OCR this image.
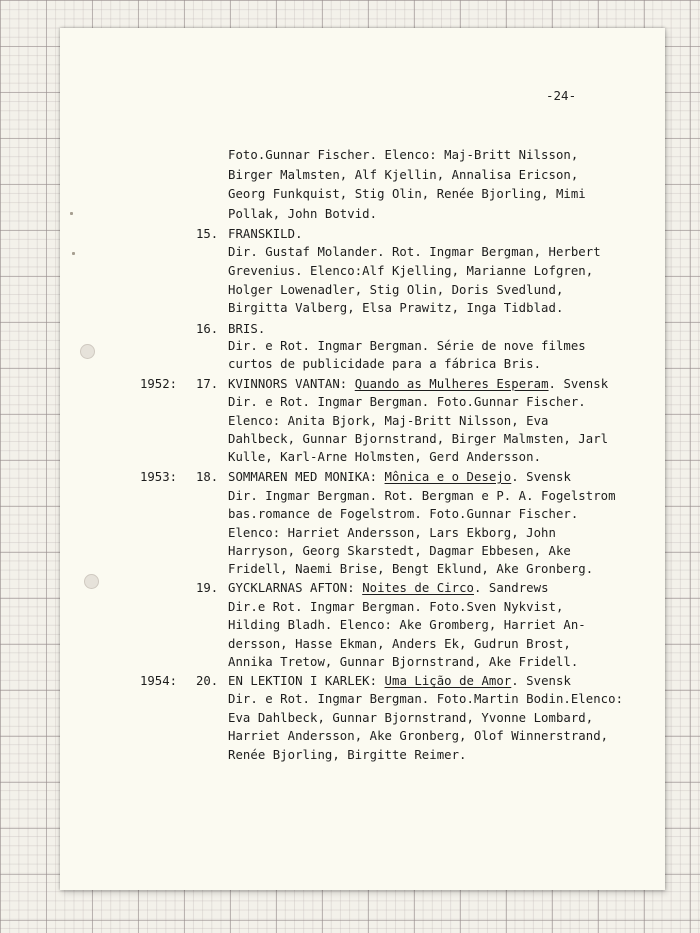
-24-
Foto.Gunnar Fischer. Elenco: Maj-Britt Nilsson,
Birger Malmsten, Alf Kjellin, Annalisa Ericson,
Georg Funkquist, Stig Olin, Renée Bjorling, Mimi
Pollak, John Botvid.
15. FRANSKILD.
Dir. Gustaf Molander. Rot. Ingmar Bergman, Herbert
Grevenius. Elenco:Alf Kjelling, Marianne Lofgren,
Holger Lowenadler, Stig Olin, Doris Svedlund,
Birgitta Valberg, Elsa Prawitz, Inga Tidblad.
16. BRIS.
Dir. e Rot. Ingmar Bergman. Série de nove filmes
curtos de publicidade para a fábrica Bris.
1952: 17. KVINNORS VANTAN: Quando as Mulheres Esperam. Svensk
Dir. e Rot. Ingmar Bergman. Foto.Gunnar Fischer.
Elenco: Anita Bjork, Maj-Britt Nilsson, Eva
Dahlbeck, Gunnar Bjornstrand, Birger Malmsten, Jarl
Kulle, Karl-Arne Holmsten, Gerd Andersson.
1953: 18. SOMMAREN MED MONIKA: Mônica e o Desejo. Svensk
Dir. Ingmar Bergman. Rot. Bergman e P. A. Fogelstrom
bas.romance de Fogelstrom. Foto.Gunnar Fischer.
Elenco: Harriet Andersson, Lars Ekborg, John
Harryson, Georg Skarstedt, Dagmar Ebbesen, Ake
Fridell, Naemi Brise, Bengt Eklund, Ake Gronberg.
19. GYCKLARNAS AFTON: Noites de Circo. Sandrews
Dir.e Rot. Ingmar Bergman. Foto.Sven Nykvist,
Hilding Bladh. Elenco: Ake Gromberg, Harriet An-
dersson, Hasse Ekman, Anders Ek, Gudrun Brost,
Annika Tretow, Gunnar Bjornstrand, Ake Fridell.
1954: 20. EN LEKTION I KARLEK: Uma Lição de Amor. Svensk
Dir. e Rot. Ingmar Bergman. Foto.Martin Bodin.Elenco:
Eva Dahlbeck, Gunnar Bjornstrand, Yvonne Lombard,
Harriet Andersson, Ake Gronberg, Olof Winnerstrand,
Renée Bjorling, Birgitte Reimer.
